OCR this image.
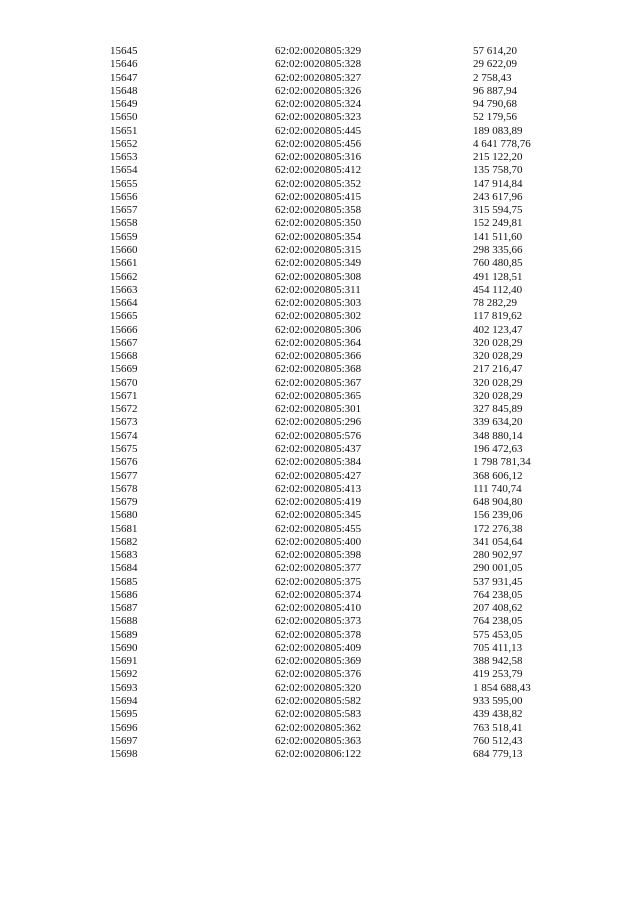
15645	62:02:0020805:329	57 614,20
15646	62:02:0020805:328	29 622,09
15647	62:02:0020805:327	2 758,43
15648	62:02:0020805:326	96 887,94
15649	62:02:0020805:324	94 790,68
15650	62:02:0020805:323	52 179,56
15651	62:02:0020805:445	189 083,89
15652	62:02:0020805:456	4 641 778,76
15653	62:02:0020805:316	215 122,20
15654	62:02:0020805:412	135 758,70
15655	62:02:0020805:352	147 914,84
15656	62:02:0020805:415	243 617,96
15657	62:02:0020805:358	315 594,75
15658	62:02:0020805:350	152 249,81
15659	62:02:0020805:354	141 511,60
15660	62:02:0020805:315	298 335,66
15661	62:02:0020805:349	760 480,85
15662	62:02:0020805:308	491 128,51
15663	62:02:0020805:311	454 112,40
15664	62:02:0020805:303	78 282,29
15665	62:02:0020805:302	117 819,62
15666	62:02:0020805:306	402 123,47
15667	62:02:0020805:364	320 028,29
15668	62:02:0020805:366	320 028,29
15669	62:02:0020805:368	217 216,47
15670	62:02:0020805:367	320 028,29
15671	62:02:0020805:365	320 028,29
15672	62:02:0020805:301	327 845,89
15673	62:02:0020805:296	339 634,20
15674	62:02:0020805:576	348 880,14
15675	62:02:0020805:437	196 472,63
15676	62:02:0020805:384	1 798 781,34
15677	62:02:0020805:427	368 606,12
15678	62:02:0020805:413	111 740,74
15679	62:02:0020805:419	648 904,80
15680	62:02:0020805:345	156 239,06
15681	62:02:0020805:455	172 276,38
15682	62:02:0020805:400	341 054,64
15683	62:02:0020805:398	280 902,97
15684	62:02:0020805:377	290 001,05
15685	62:02:0020805:375	537 931,45
15686	62:02:0020805:374	764 238,05
15687	62:02:0020805:410	207 408,62
15688	62:02:0020805:373	764 238,05
15689	62:02:0020805:378	575 453,05
15690	62:02:0020805:409	705 411,13
15691	62:02:0020805:369	388 942,58
15692	62:02:0020805:376	419 253,79
15693	62:02:0020805:320	1 854 688,43
15694	62:02:0020805:582	933 595,00
15695	62:02:0020805:583	439 438,82
15696	62:02:0020805:362	763 518,41
15697	62:02:0020805:363	760 512,43
15698	62:02:0020806:122	684 779,13
